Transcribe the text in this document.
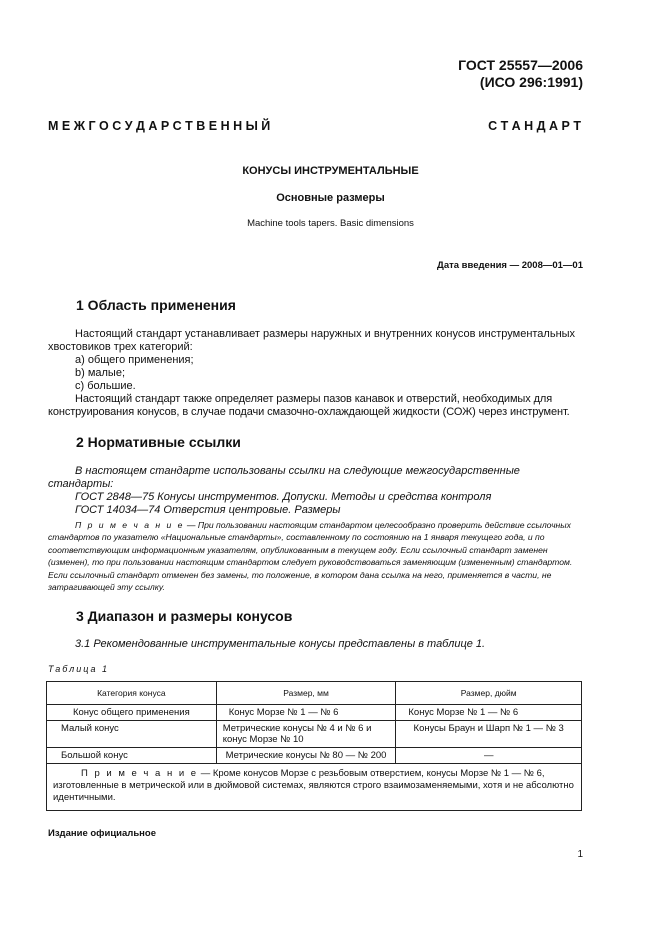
ГОСТ 25557—2006
(ИСО 296:1991)
М Е Ж Г О С У Д А Р С Т В Е Н Н Ы Й	С Т А Н Д А Р Т
КОНУСЫ ИНСТРУМЕНТАЛЬНЫЕ
Основные размеры
Machine tools tapers. Basic dimensions
Дата введения — 2008—01—01
1 Область применения
Настоящий стандарт устанавливает размеры наружных и внутренних конусов инструментальных хвостовиков трех категорий:
а) общего применения;
b) малые;
с) большие.
Настоящий стандарт также определяет размеры пазов канавок и отверстий, необходимых для конструирования конусов, в случае подачи смазочно-охлаждающей жидкости (СОЖ) через инструмент.
2 Нормативные ссылки
В настоящем стандарте использованы ссылки на следующие межгосударственные стандарты:
ГОСТ 2848—75 Конусы инструментов. Допуски. Методы и средства контроля
ГОСТ 14034—74 Отверстия центровые. Размеры
П р и м е ч а н и е — При пользовании настоящим стандартом целесообразно проверить действие ссылочных стандартов по указателю «Национальные стандарты», составленному по состоянию на 1 января текущего года, и по соответствующим информационным указателям, опубликованным в текущем году. Если ссылочный стандарт заменен (изменен), то при пользовании настоящим стандартом следует руководствоваться заменяющим (измененным) стандартом. Если ссылочный стандарт отменен без замены, то положение, в котором дана ссылка на него, применяется в части, не затрагивающей эту ссылку.
3 Диапазон и размеры конусов
3.1 Рекомендованные инструментальные конусы представлены в таблице 1.
Таблица 1
Категория конуса	Размер, мм	Размер, дюйм
Конус общего применения	Конус Морзе № 1 — № 6	Конус Морзе № 1 — № 6
Малый конус	Метрические конусы № 4 и № 6 и конус Морзе № 10	Конусы Браун и Шарп № 1 — № 3
Большой конус	Метрические конусы № 80 — № 200	—
П р и м е ч а н и е — Кроме конусов Морзе с резьбовым отверстием, конусы Морзе № 1 — № 6, изготовленные в метрической или в дюймовой системах, являются строго взаимозаменяемыми, хотя и не абсолютно идентичными.		
Издание официальное
1
